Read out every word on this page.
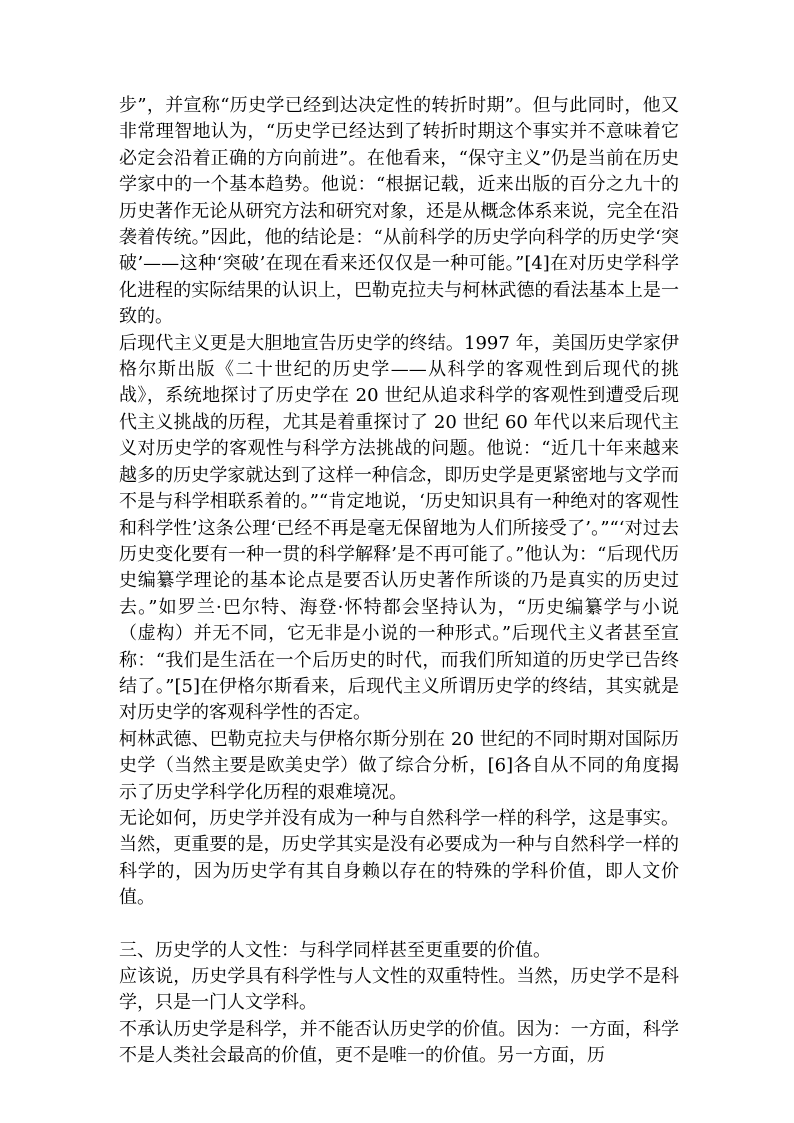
步”，并宣称“历史学已经到达决定性的转折时期”。但与此同时，他又非常理智地认为，“历史学已经达到了转折时期这个事实并不意味着它必定会沿着正确的方向前进”。在他看来，“保守主义”仍是当前在历史学家中的一个基本趋势。他说：“根据记载，近来出版的百分之九十的历史著作无论从研究方法和研究对象，还是从概念体系来说，完全在沿袭着传统。”因此，他的结论是：“从前科学的历史学向科学的历史学‘突破’——这种‘突破’在现在看来还仅仅是一种可能。”[4]在对历史学科学化进程的实际结果的认识上，巴勒克拉夫与柯林武德的看法基本上是一致的。

后现代主义更是大胆地宣告历史学的终结。1997 年，美国历史学家伊格尔斯出版《二十世纪的历史学——从科学的客观性到后现代的挑战》，系统地探讨了历史学在 20 世纪从追求科学的客观性到遭受后现代主义挑战的历程，尤其是着重探讨了 20 世纪 60 年代以来后现代主义对历史学的客观性与科学方法挑战的问题。他说：“近几十年来越来越多的历史学家就达到了这样一种信念，即历史学是更紧密地与文学而不是与科学相联系着的。”“肯定地说，‘历史知识具有一种绝对的客观性和科学性’这条公理‘已经不再是毫无保留地为人们所接受了’。”“‘对过去历史变化要有一种一贯的科学解释’是不再可能了。”他认为：“后现代历史编纂学理论的基本论点是要否认历史著作所谈的乃是真实的历史过去。”如罗兰·巴尔特、海登·怀特都会坚持认为，“历史编纂学与小说（虚构）并无不同，它无非是小说的一种形式。”后现代主义者甚至宣称：“我们是生活在一个后历史的时代，而我们所知道的历史学已告终结了。”[5]在伊格尔斯看来，后现代主义所谓历史学的终结，其实就是对历史学的客观科学性的否定。

柯林武德、巴勒克拉夫与伊格尔斯分别在 20 世纪的不同时期对国际历史学（当然主要是欧美史学）做了综合分析，[6]各自从不同的角度揭示了历史学科学化历程的艰难境况。

无论如何，历史学并没有成为一种与自然科学一样的科学，这是事实。当然，更重要的是，历史学其实是没有必要成为一种与自然科学一样的科学的，因为历史学有其自身赖以存在的特殊的学科价值，即人文价值。

三、历史学的人文性：与科学同样甚至更重要的价值。

应该说，历史学具有科学性与人文性的双重特性。当然，历史学不是科学，只是一门人文学科。

不承认历史学是科学，并不能否认历史学的价值。因为：一方面，科学不是人类社会最高的价值，更不是唯一的价值。另一方面，历
